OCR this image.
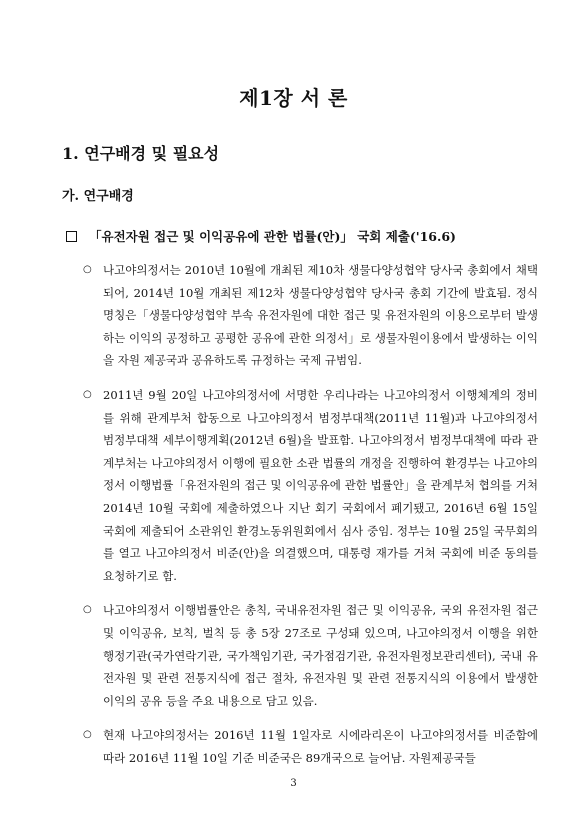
제1장 서 론
1. 연구배경 및 필요성
가. 연구배경
「유전자원 접근 및 이익공유에 관한 법률(안)」 국회 제출('16.6)
○ 나고야의정서는 2010년 10월에 개최된 제10차 생물다양성협약 당사국 총회에서 채택되어, 2014년 10월 개최된 제12차 생물다양성협약 당사국 총회 기간에 발효됨. 정식명칭은「생물다양성협약 부속 유전자원에 대한 접근 및 유전자원의 이용으로부터 발생하는 이익의 공정하고 공평한 공유에 관한 의정서」로 생물자원이용에서 발생하는 이익을 자원 제공국과 공유하도록 규정하는 국제 규범임.
○ 2011년 9월 20일 나고야의정서에 서명한 우리나라는 나고야의정서 이행체계의 정비를 위해 관계부처 합동으로 나고야의정서 범정부대책(2011년 11월)과 나고야의정서 범정부대책 세부이행계획(2012년 6월)을 발표함. 나고야의정서 범정부대책에 따라 관계부처는 나고야의정서 이행에 필요한 소관 법률의 개정을 진행하여 환경부는 나고야의정서 이행법률「유전자원의 접근 및 이익공유에 관한 법률안」을 관계부처 협의를 거쳐 2014년 10월 국회에 제출하였으나 지난 회기 국회에서 폐기됐고, 2016년 6월 15일 국회에 제출되어 소관위인 환경노동위원회에서 심사 중임. 정부는 10월 25일 국무회의를 열고 나고야의정서 비준(안)을 의결했으며, 대통령 재가를 거쳐 국회에 비준 동의를 요청하기로 함.
○ 나고야의정서 이행법률안은 총칙, 국내유전자원 접근 및 이익공유, 국외 유전자원 접근 및 이익공유, 보칙, 벌칙 등 총 5장 27조로 구성돼 있으며, 나고야의정서 이행을 위한 행정기관(국가연락기관, 국가책임기관, 국가점검기관, 유전자원정보관리센터), 국내 유전자원 및 관련 전통지식에 접근 절차, 유전자원 및 관련 전통지식의 이용에서 발생한 이익의 공유 등을 주요 내용으로 담고 있음.
○ 현재 나고야의정서는 2016년 11월 1일자로 시에라리온이 나고야의정서를 비준함에 따라 2016년 11월 10일 기준 비준국은 89개국으로 늘어남. 자원제공국들
3
